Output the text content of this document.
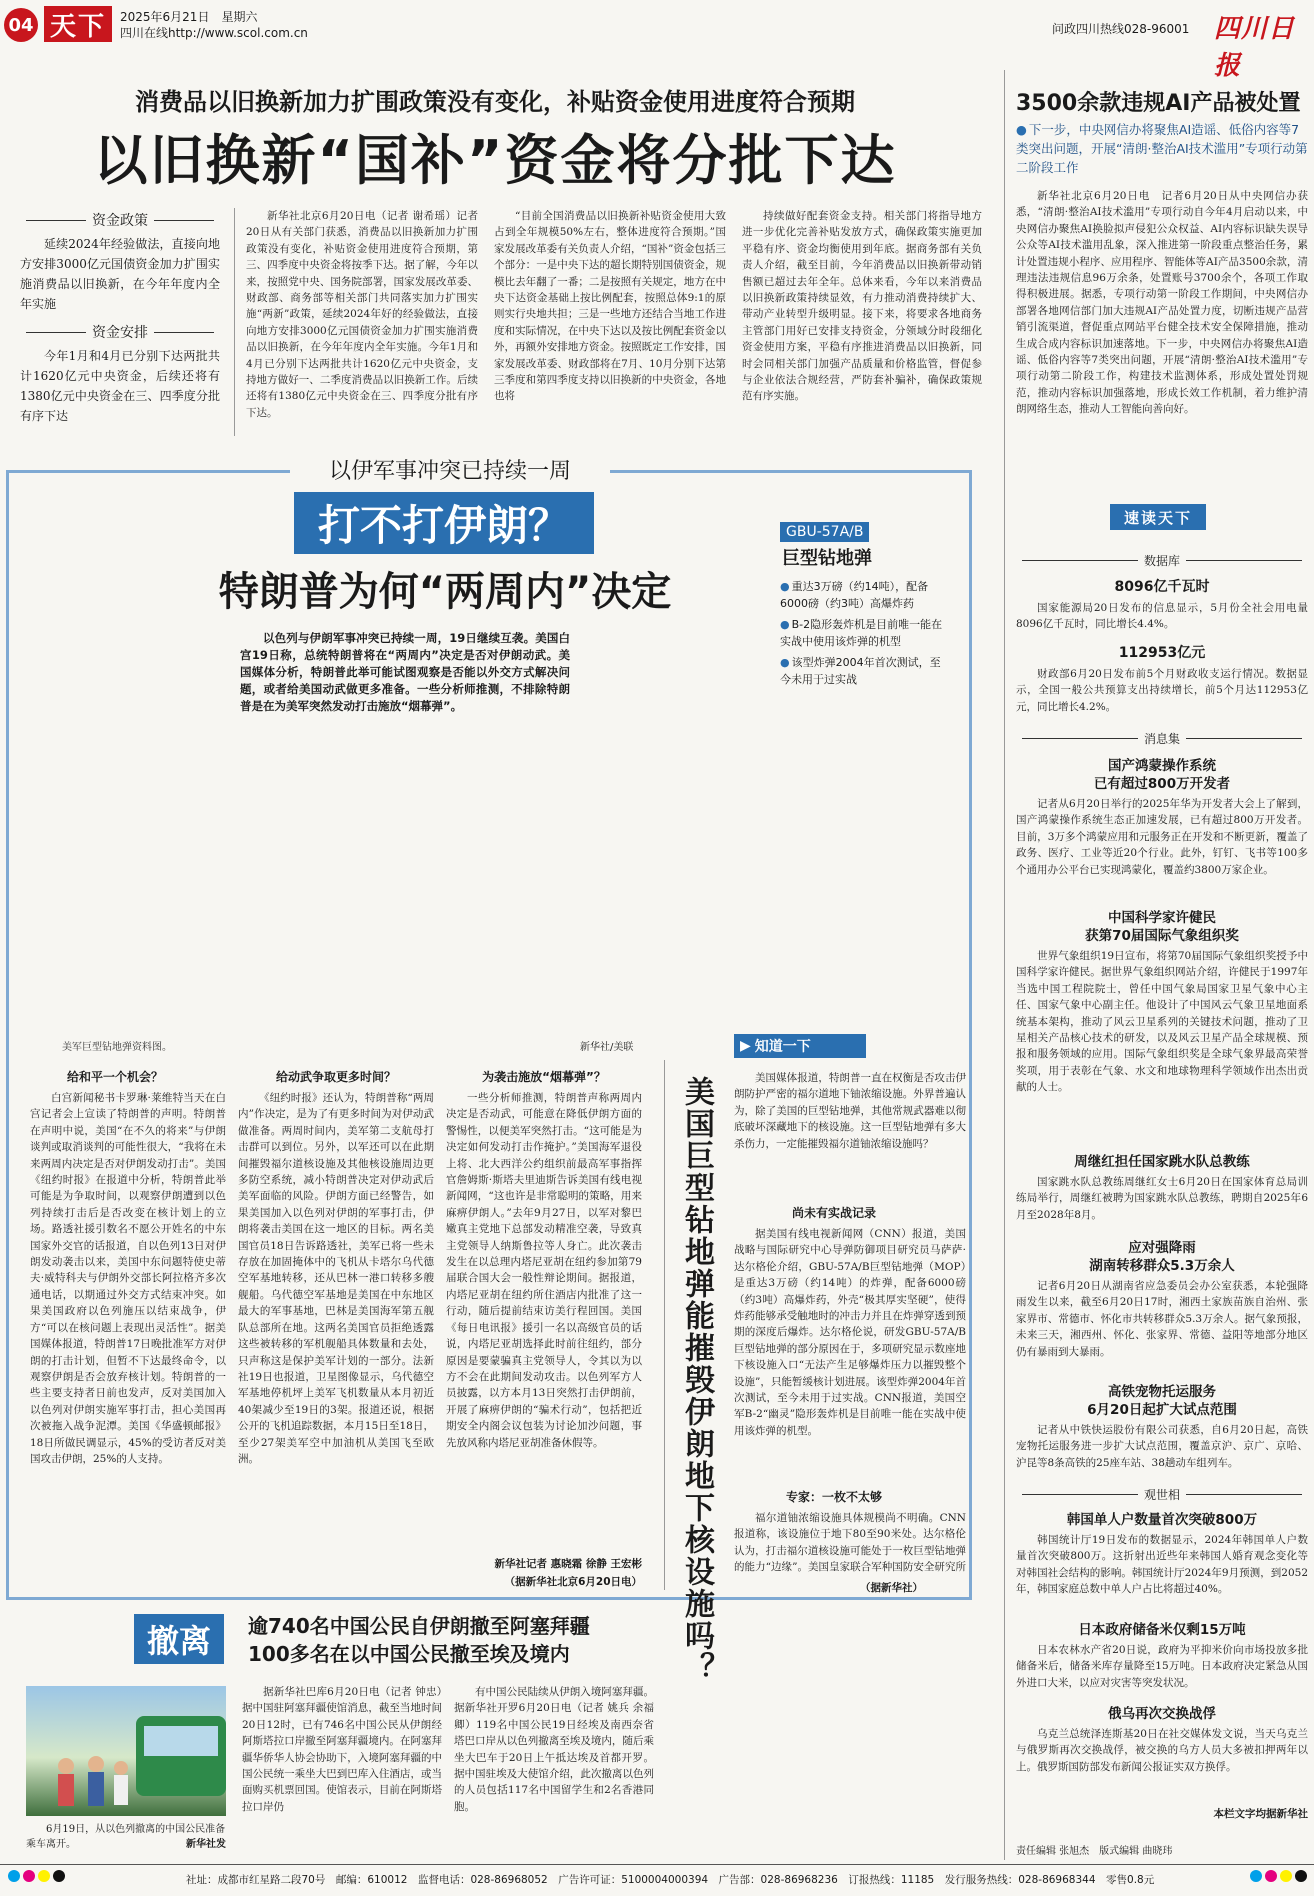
04 天下 2025年6月21日　星期六
四川在线http://www.scol.com.cn	问政四川热线028-96001 四川日报
消费品以旧换新加力扩围政策没有变化，补贴资金使用进度符合预期
以旧换新“国补”资金将分批下达
资金政策
延续2024年经验做法，直接向地方安排3000亿元国债资金加力扩围实施消费品以旧换新，在今年年度内全年实施
资金安排
今年1月和4月已分别下达两批共计1620亿元中央资金，后续还将有1380亿元中央资金在三、四季度分批有序下达
新华社北京6月20日电（记者 谢希瑶）记者20日从有关部门获悉，消费品以旧换新加力扩围政策没有变化，补贴资金使用进度符合预期，第三、四季度中央资金将按季下达。据了解，今年以来，按照党中央、国务院部署，国家发展改革委、财政部、商务部等相关部门共同落实加力扩围实施“两新”政策，延续2024年好的经验做法，直接向地方安排3000亿元国债资金加力扩围实施消费品以旧换新，在今年年度内全年实施。今年1月和4月已分别下达两批共计1620亿元中央资金，支持地方做好一、二季度消费品以旧换新工作。后续还将有1380亿元中央资金在三、四季度分批有序下达。
“目前全国消费品以旧换新补贴资金使用大致占到全年规模50%左右，整体进度符合预期。”国家发展改革委有关负责人介绍，“国补”资金包括三个部分：一是中央下达的超长期特别国债资金，规模比去年翻了一番；二是按照有关规定，地方在中央下达资金基础上按比例配套，按照总体9:1的原则实行央地共担；三是一些地方还结合当地工作进度和实际情况，在中央下达以及按比例配套资金以外，再额外安排地方资金。按照既定工作安排，国家发展改革委、财政部将在7月、10月分别下达第三季度和第四季度支持以旧换新的中央资金，各地也将
持续做好配套资金支持。相关部门将指导地方进一步优化完善补贴发放方式，确保政策实施更加平稳有序、资金均衡使用到年底。据商务部有关负责人介绍，截至目前，今年消费品以旧换新带动销售额已超过去年全年。总体来看，今年以来消费品以旧换新政策持续显效，有力推动消费持续扩大、带动产业转型升级明显。接下来，将要求各地商务主管部门用好已安排支持资金，分领域分时段细化资金使用方案，平稳有序推进消费品以旧换新，同时会同相关部门加强产品质量和价格监管，督促参与企业依法合规经营，严防套补骗补，确保政策规范有序实施。
3500余款违规AI产品被处置
● 下一步，中央网信办将聚焦AI造谣、低俗内容等7类突出问题，开展“清朗·整治AI技术滥用”专项行动第二阶段工作
新华社北京6月20日电　记者6月20日从中央网信办获悉，“清朗·整治AI技术滥用”专项行动自今年4月启动以来，中央网信办聚焦AI换脸拟声侵犯公众权益、AI内容标识缺失误导公众等AI技术滥用乱象，深入推进第一阶段重点整治任务，累计处置违规小程序、应用程序、智能体等AI产品3500余款，清理违法违规信息96万余条，处置账号3700余个，各项工作取得积极进展。据悉，专项行动第一阶段工作期间，中央网信办部署各地网信部门加大违规AI产品处置力度，切断违规产品营销引流渠道，督促重点网站平台健全技术安全保障措施，推动生成合成内容标识加速落地。下一步，中央网信办将聚焦AI造谣、低俗内容等7类突出问题，开展“清朗·整治AI技术滥用”专项行动第二阶段工作，构建技术监测体系，形成处置处罚规范，推动内容标识加强落地，形成长效工作机制，着力维护清朗网络生态，推动人工智能向善向好。
以伊军事冲突已持续一周
打不打伊朗？
特朗普为何“两周内”决定
以色列与伊朗军事冲突已持续一周，19日继续互袭。美国白宫19日称，总统特朗普将在“两周内”决定是否对伊朗动武。美国媒体分析，特朗普此举可能试图观察是否能以外交方式解决问题，或者给美国动武做更多准备。一些分析师推测，不排除特朗普是在为美军突然发动打击施放“烟幕弹”。
GBU-57A/B
巨型钻地弹
● 重达3万磅（约14吨），配备6000磅（约3吨）高爆炸药
● B-2隐形轰炸机是目前唯一能在实战中使用该炸弹的机型
● 该型炸弹2004年首次测试，至今未用于过实战
美军巨型钻地弹资料图。	新华社/美联
给和平一个机会？
白宫新闻秘书卡罗琳·莱维特当天在白宫记者会上宣读了特朗普的声明。特朗普在声明中说，美国“在不久的将来”与伊朗谈判或取消谈判的可能性很大，“我将在未来两周内决定是否对伊朗发动打击”。美国《纽约时报》在报道中分析，特朗普此举可能是为争取时间，以观察伊朗遭到以色列持续打击后是否改变在核计划上的立场。路透社援引数名不愿公开姓名的中东国家外交官的话报道，自以色列13日对伊朗发动袭击以来，美国中东问题特使史蒂夫·威特科夫与伊朗外交部长阿拉格齐多次通电话，以期通过外交方式结束冲突。如果美国政府以色列施压以结束战争，伊方“可以在核问题上表现出灵活性”。据美国媒体报道，特朗普17日晚批准军方对伊朗的打击计划，但暂不下达最终命令，以观察伊朗是否会放弃核计划。特朗普的一些主要支持者日前也发声，反对美国加入以色列对伊朗实施军事打击，担心美国再次被拖入战争泥潭。美国《华盛顿邮报》18日所做民调显示，45%的受访者反对美国攻击伊朗，25%的人支持。
给动武争取更多时间？
《纽约时报》还认为，特朗普称“两周内”作决定，是为了有更多时间为对伊动武做准备。两周时间内，美军第二支航母打击群可以到位。另外，以军还可以在此期间摧毁福尔道核设施及其他核设施周边更多防空系统，减小特朗普决定对伊动武后美军面临的风险。伊朗方面已经警告，如果美国加入以色列对伊朗的军事打击，伊朗将袭击美国在这一地区的目标。两名美国官员18日告诉路透社，美军已将一些未存放在加固掩体中的飞机从卡塔尔乌代德空军基地转移，还从巴林一港口转移多艘舰船。乌代德空军基地是美国在中东地区最大的军事基地，巴林是美国海军第五舰队总部所在地。这两名美国官员拒绝透露这些被转移的军机舰船具体数量和去处，只声称这是保护美军计划的一部分。法新社19日也报道，卫星图像显示，乌代德空军基地停机坪上美军飞机数量从本月初近40架减少至19日的3架。报道还说，根据公开的飞机追踪数据，本月15日至18日，至少27架美军空中加油机从美国飞至欧洲。
为袭击施放“烟幕弹”？
一些分析师推测，特朗普声称两周内决定是否动武，可能意在降低伊朗方面的警惕性，以便美军突然打击。“这可能是为决定如何发动打击作掩护。”美国海军退役上将、北大西洋公约组织前最高军事指挥官詹姆斯·斯塔夫里迪斯告诉美国有线电视新闻网，“这也许是非常聪明的策略，用来麻痹伊朗人。”去年9月27日，以军对黎巴嫩真主党地下总部发动精准空袭，导致真主党领导人纳斯鲁拉等人身亡。此次袭击发生在以总理内塔尼亚胡在纽约参加第79届联合国大会一般性辩论期间。据报道，内塔尼亚胡在纽约所住酒店内批准了这一行动，随后提前结束访美行程回国。美国《每日电讯报》援引一名以高级官员的话说，内塔尼亚胡选择此时前往纽约，部分原因是要蒙骗真主党领导人，令其以为以方不会在此期间发动攻击。以色列军方人员披露，以方本月13日突然打击伊朗前，开展了麻痹伊朗的“骗术行动”，包括把近期安全内阁会议包装为讨论加沙问题，事先放风称内塔尼亚胡准备休假等。
新华社记者 惠晓霜 徐静 王宏彬
（据新华社北京6月20日电） 美国巨型钻地弹能摧毁伊朗地下核设施吗？
▶ 知道一下
美国媒体报道，特朗普一直在权衡是否攻击伊朗防护严密的福尔道地下铀浓缩设施。外界普遍认为，除了美国的巨型钻地弹，其他常规武器难以彻底破坏深藏地下的核设施。这一巨型钻地弹有多大杀伤力，一定能摧毁福尔道铀浓缩设施吗？
尚未有实战记录
据美国有线电视新闻网（CNN）报道，美国战略与国际研究中心导弹防御项目研究员马萨萨·达尔格伦介绍，GBU-57A/B巨型钻地弹（MOP）是重达3万磅（约14吨）的炸弹，配备6000磅（约3吨）高爆炸药，外壳“极其厚实坚硬”，使得炸药能够承受触地时的冲击力并且在炸弹穿透到预期的深度后爆炸。达尔格伦说，研发GBU-57A/B巨型钻地弹的部分原因在于，多项研究显示数座地下核设施入口“无法产生足够爆炸压力以摧毁整个设施”，只能暂缓核计划进展。该型炸弹2004年首次测试，至今未用于过实战。CNN报道，美国空军B-2“幽灵”隐形轰炸机是目前唯一能在实战中使用该炸弹的机型。
专家：一枚不太够
福尔道铀浓缩设施具体规模尚不明确。CNN报道称，该设施位于地下80至90米处。达尔格伦认为，打击福尔道核设施可能处于一枚巨型钻地弹的能力“边缘”。美国皇家联合军种国防安全研究所
（据新华社）
撤离 逾740名中国公民自伊朗撤至阿塞拜疆
100多名在以中国公民撤至埃及境内
6月19日，从以色列撤离的中国公民准备乘车离开。	新华社发
据新华社巴库6月20日电（记者 钟忠）据中国驻阿塞拜疆使馆消息，截至当地时间20日12时，已有746名中国公民从伊朗经阿斯塔拉口岸撤至阿塞拜疆境内。在阿塞拜疆华侨华人协会协助下，入境阿塞拜疆的中国公民统一乘坐大巴到巴库入住酒店，或当面购买机票回国。使馆表示，目前在阿斯塔拉口岸仍
有中国公民陆续从伊朗入境阿塞拜疆。据新华社开罗6月20日电（记者 姚兵 余福卿）119名中国公民19日经埃及南西奈省塔巴口岸从以色列撤离至埃及境内，随后乘坐大巴车于20日上午抵达埃及首都开罗。据中国驻埃及大使馆介绍，此次撤离以色列的人员包括117名中国留学生和2名香港同胞。
速读天下
数据库
8096亿千瓦时
国家能源局20日发布的信息显示，5月份全社会用电量8096亿千瓦时，同比增长4.4%。
112953亿元
财政部6月20日发布前5个月财政收支运行情况。数据显示，全国一般公共预算支出持续增长，前5个月达112953亿元，同比增长4.2%。
消息集
国产鸿蒙操作系统
已有超过800万开发者
记者从6月20日举行的2025年华为开发者大会上了解到，国产鸿蒙操作系统生态正加速发展，已有超过800万开发者。目前，3万多个鸿蒙应用和元服务正在开发和不断更新，覆盖了政务、医疗、工业等近20个行业。此外，钉钉、飞书等100多个通用办公平台已实现鸿蒙化，覆盖约3800万家企业。
中国科学家许健民
获第70届国际气象组织奖
世界气象组织19日宣布，将第70届国际气象组织奖授予中国科学家许健民。据世界气象组织网站介绍，许健民于1997年当选中国工程院院士，曾任中国气象局国家卫星气象中心主任、国家气象中心副主任。他设计了中国风云气象卫星地面系统基本架构，推动了风云卫星系列的关键技术问题，推动了卫星相关产品核心技术的研发，以及风云卫星产品全球规模、预报和服务领域的应用。国际气象组织奖是全球气象界最高荣誉奖项，用于表彰在气象、水文和地球物理科学领域作出杰出贡献的人士。
周继红担任国家跳水队总教练
国家跳水队总教练周继红女士6月20日在国家体育总局训练局举行，周继红被聘为国家跳水队总教练，聘期自2025年6月至2028年8月。
应对强降雨
湖南转移群众5.3万余人
记者6月20日从湖南省应急委员会办公室获悉，本轮强降雨发生以来，截至6月20日17时，湘西土家族苗族自治州、张家界市、常德市、怀化市共转移群众5.3万余人。据气象预报，未来三天，湘西州、怀化、张家界、常德、益阳等地部分地区仍有暴雨到大暴雨。
高铁宠物托运服务
6月20日起扩大试点范围
记者从中铁快运股份有限公司获悉，自6月20日起，高铁宠物托运服务进一步扩大试点范围，覆盖京沪、京广、京哈、沪昆等8条高铁的25座车站、38趟动车组列车。
观世相
韩国单人户数量首次突破800万
韩国统计厅19日发布的数据显示，2024年韩国单人户数量首次突破800万。这折射出近些年来韩国人婚育观念变化等对韩国社会结构的影响。韩国统计厅2024年9月预测，到2052年，韩国家庭总数中单人户占比将超过40%。
日本政府储备米仅剩15万吨
日本农林水产省20日说，政府为平抑米价向市场投放多批储备米后，储备米库存量降至15万吨。日本政府决定紧急从国外进口大米，以应对灾害等突发状况。
俄乌再次交换战俘
乌克兰总统泽连斯基20日在社交媒体发文说，当天乌克兰与俄罗斯再次交换战俘，被交换的乌方人员大多被扣押两年以上。俄罗斯国防部发布新闻公报证实双方换俘。
本栏文字均据新华社
责任编辑 张旭杰　版式编辑 曲晓玮
社址：成都市红星路二段70号　邮编：610012　监督电话：028-86968052　广告许可证：5100004000394　广告部：028-86968236　订报热线：11185　发行服务热线：028-86968344　零售0.8元
